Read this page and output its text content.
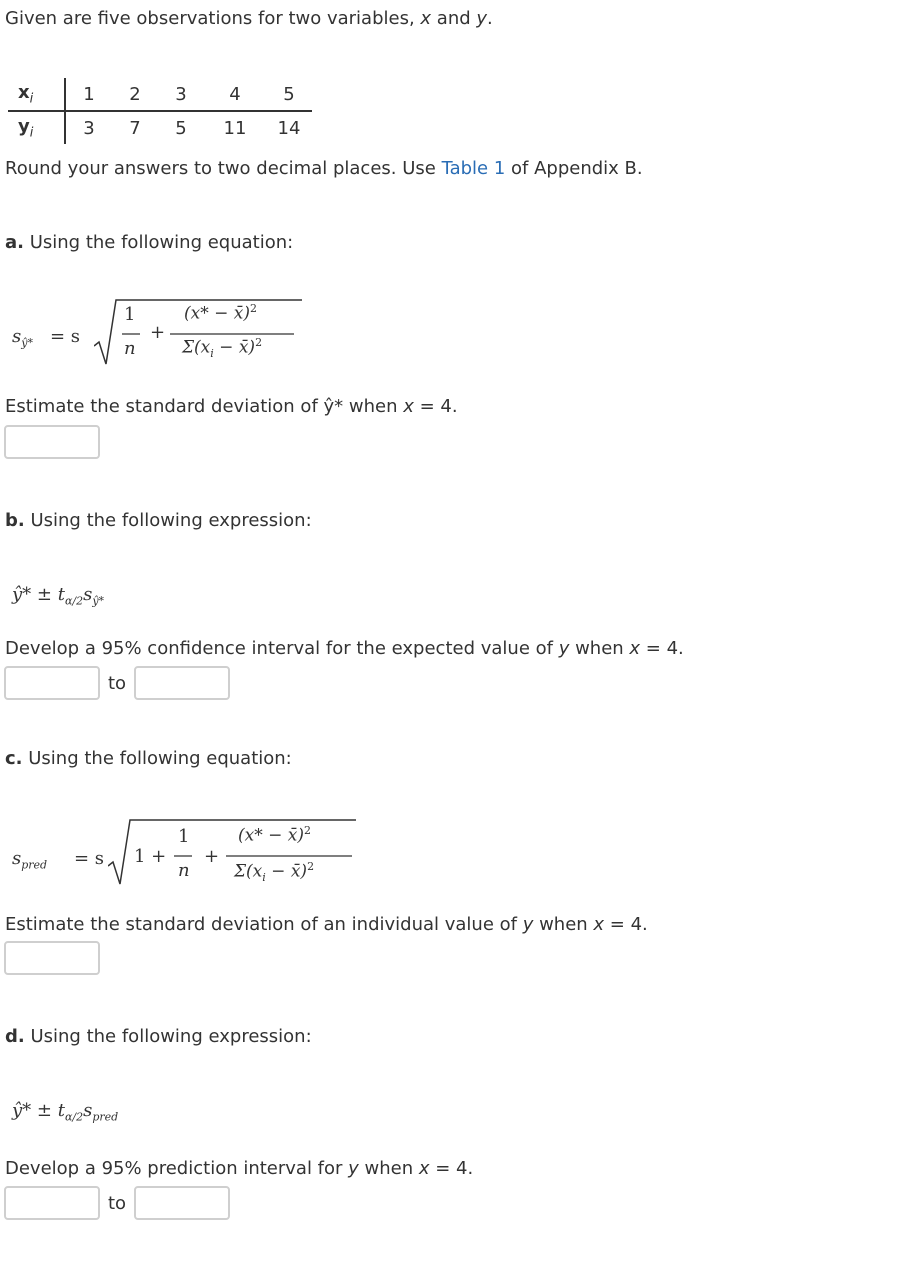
Given are five observations for two variables, x and y.
$x_i$	1	2	3	4	5
$y_i$	3	7	5	11	14
Round your answers to two decimal places. Use Table 1 of Appendix B.
a. Using the following equation:
$s_{ŷ*} = s$
1
n
+
(x* − x̄)$^2$
$\Sigma(x_i$ − x̄)$^2$
Estimate the standard deviation of ŷ* when x = 4.
b. Using the following expression:
ŷ* ± $t_{\alpha/2}s_{ŷ*}$
Develop a 95% confidence interval for the expected value of y when x = 4.
to
c. Using the following equation:
$s_{pred} = s$ 1 +
1
n
+
(x* − x̄)$^2$
$\Sigma(x_i$ − x̄)$^2$
Estimate the standard deviation of an individual value of y when x = 4.
d. Using the following expression:
ŷ* ± $t_{\alpha/2}s_{pred}$
Develop a 95% prediction interval for y when x = 4.
to
